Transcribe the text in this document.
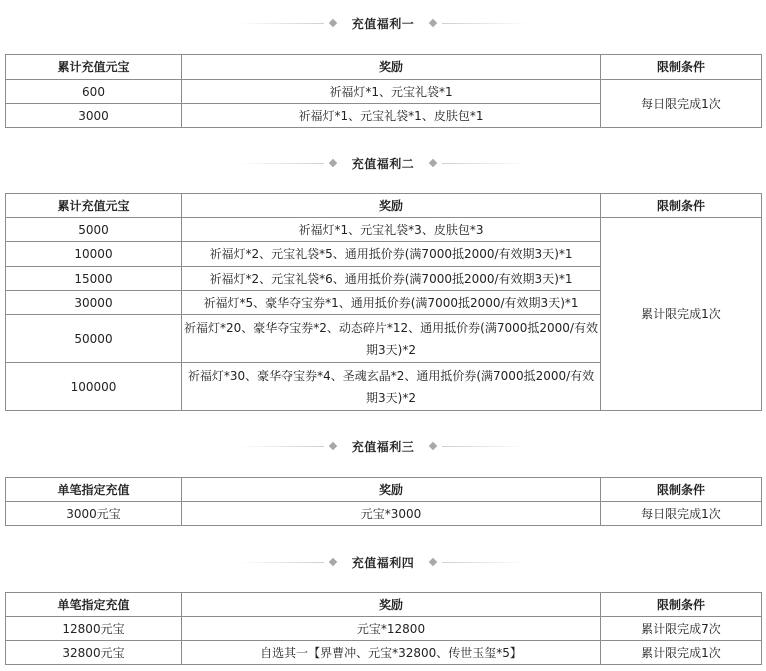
充值福利一
累计充值元宝	奖励	限制条件
600	祈福灯*1、元宝礼袋*1	每日限完成1次
3000	祈福灯*1、元宝礼袋*1、皮肤包*1	
充值福利二
累计充值元宝	奖励	限制条件
5000	祈福灯*1、元宝礼袋*3、皮肤包*3	累计限完成1次
10000	祈福灯*2、元宝礼袋*5、通用抵价券(满7000抵2000/有效期3天)*1	
15000	祈福灯*2、元宝礼袋*6、通用抵价券(满7000抵2000/有效期3天)*1	
30000	祈福灯*5、豪华夺宝券*1、通用抵价券(满7000抵2000/有效期3天)*1	
50000	祈福灯*20、豪华夺宝券*2、动态碎片*12、通用抵价券(满7000抵2000/有效期3天)*2	
100000	祈福灯*30、豪华夺宝券*4、圣魂玄晶*2、通用抵价券(满7000抵2000/有效期3天)*2	
充值福利三
单笔指定充值	奖励	限制条件
3000元宝	元宝*3000	每日限完成1次
充值福利四
单笔指定充值	奖励	限制条件
12800元宝	元宝*12800	累计限完成7次
32800元宝	自选其一【界曹冲、元宝*32800、传世玉玺*5】	累计限完成1次
